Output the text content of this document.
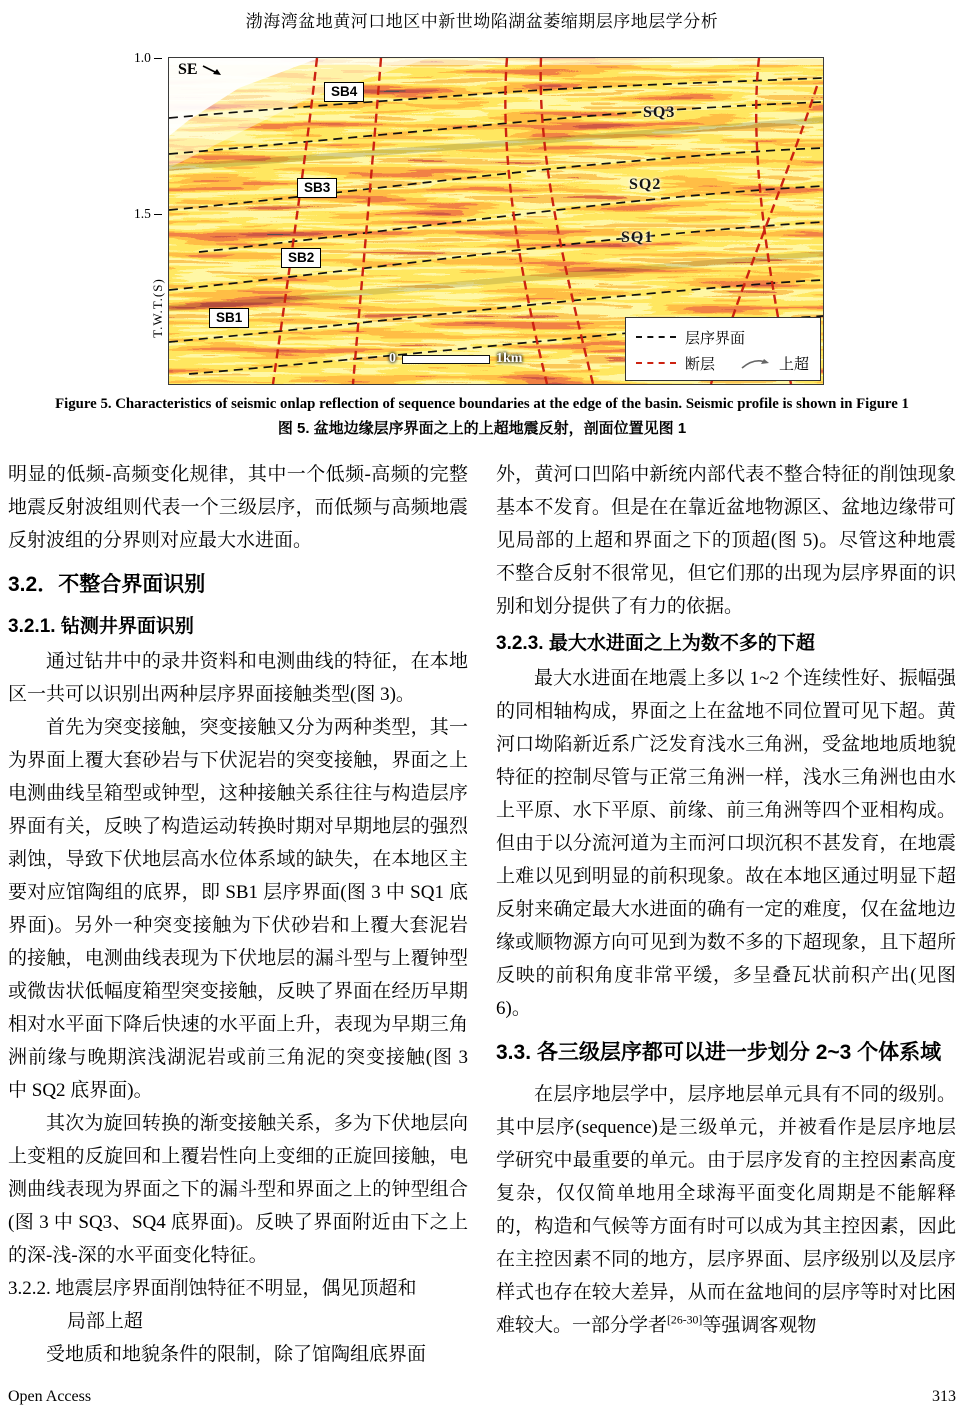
渤海湾盆地黄河口地区中新世坳陷湖盆萎缩期层序地层学分析
1.0
1.5
T.W.T.(S)
SE
SB4
SB3
SB2
SB1
SQ3
SQ2
SQ1
0	1km
层序界面
断层	上超
Figure 5. Characteristics of seismic onlap reflection of sequence boundaries at the edge of the basin. Seismic profile is shown in Figure 1
图 5. 盆地边缘层序界面之上的上超地震反射，剖面位置见图 1

明显的低频‐高频变化规律，其中一个低频‐高频的完整地震反射波组则代表一个三级层序，而低频与高频地震反射波组的分界则对应最大水进面。

3.2．不整合界面识别
3.2.1. 钻测井界面识别

通过钻井中的录井资料和电测曲线的特征，在本地区一共可以识别出两种层序界面接触类型(图 3)。

首先为突变接触，突变接触又分为两种类型，其一为界面上覆大套砂岩与下伏泥岩的突变接触，界面之上电测曲线呈箱型或钟型，这种接触关系往往与构造层序界面有关，反映了构造运动转换时期对早期地层的强烈剥蚀，导致下伏地层高水位体系域的缺失，在本地区主要对应馆陶组的底界，即 SB1 层序界面(图 3 中 SQ1 底界面)。另外一种突变接触为下伏砂岩和上覆大套泥岩的接触，电测曲线表现为下伏地层的漏斗型与上覆钟型或微齿状低幅度箱型突变接触，反映了界面在经历早期相对水平面下降后快速的水平面上升，表现为早期三角洲前缘与晚期滨浅湖泥岩或前三角泥的突变接触(图 3 中 SQ2 底界面)。

其次为旋回转换的渐变接触关系，多为下伏地层向上变粗的反旋回和上覆岩性向上变细的正旋回接触，电测曲线表现为界面之下的漏斗型和界面之上的钟型组合(图 3 中 SQ3、SQ4 底界面)。反映了界面附近由下之上的深‐浅‐深的水平面变化特征。

3.2.2. 地震层序界面削蚀特征不明显，偶见顶超和
局部上超

受地质和地貌条件的限制，除了馆陶组底界面

外，黄河口凹陷中新统内部代表不整合特征的削蚀现象基本不发育。但是在在靠近盆地物源区、盆地边缘带可见局部的上超和界面之下的顶超(图 5)。尽管这种地震不整合反射不很常见，但它们那的出现为层序界面的识别和划分提供了有力的依据。

3.2.3. 最大水进面之上为数不多的下超

最大水进面在地震上多以 1~2 个连续性好、振幅强的同相轴构成，界面之上在盆地不同位置可见下超。黄河口坳陷新近系广泛发育浅水三角洲，受盆地地质地貌特征的控制尽管与正常三角洲一样，浅水三角洲也由水上平原、水下平原、前缘、前三角洲等四个亚相构成。但由于以分流河道为主而河口坝沉积不甚发育，在地震上难以见到明显的前积现象。故在本地区通过明显下超反射来确定最大水进面的确有一定的难度，仅在盆地边缘或顺物源方向可见到为数不多的下超现象，且下超所反映的前积角度非常平缓，多呈叠瓦状前积产出(见图 6)。

3.3. 各三级层序都可以进一步划分 2~3 个体系域

在层序地层学中，层序地层单元具有不同的级别。其中层序(sequence)是三级单元，并被看作是层序地层学研究中最重要的单元。由于层序发育的主控因素高度复杂，仅仅简单地用全球海平面变化周期是不能解释的，构造和气候等方面有时可以成为其主控因素，因此在主控因素不同的地方，层序界面、层序级别以及层序样式也存在较大差异，从而在盆地间的层序等时对比困难较大。一部分学者[26-30]等强调客观物

Open Access	313
